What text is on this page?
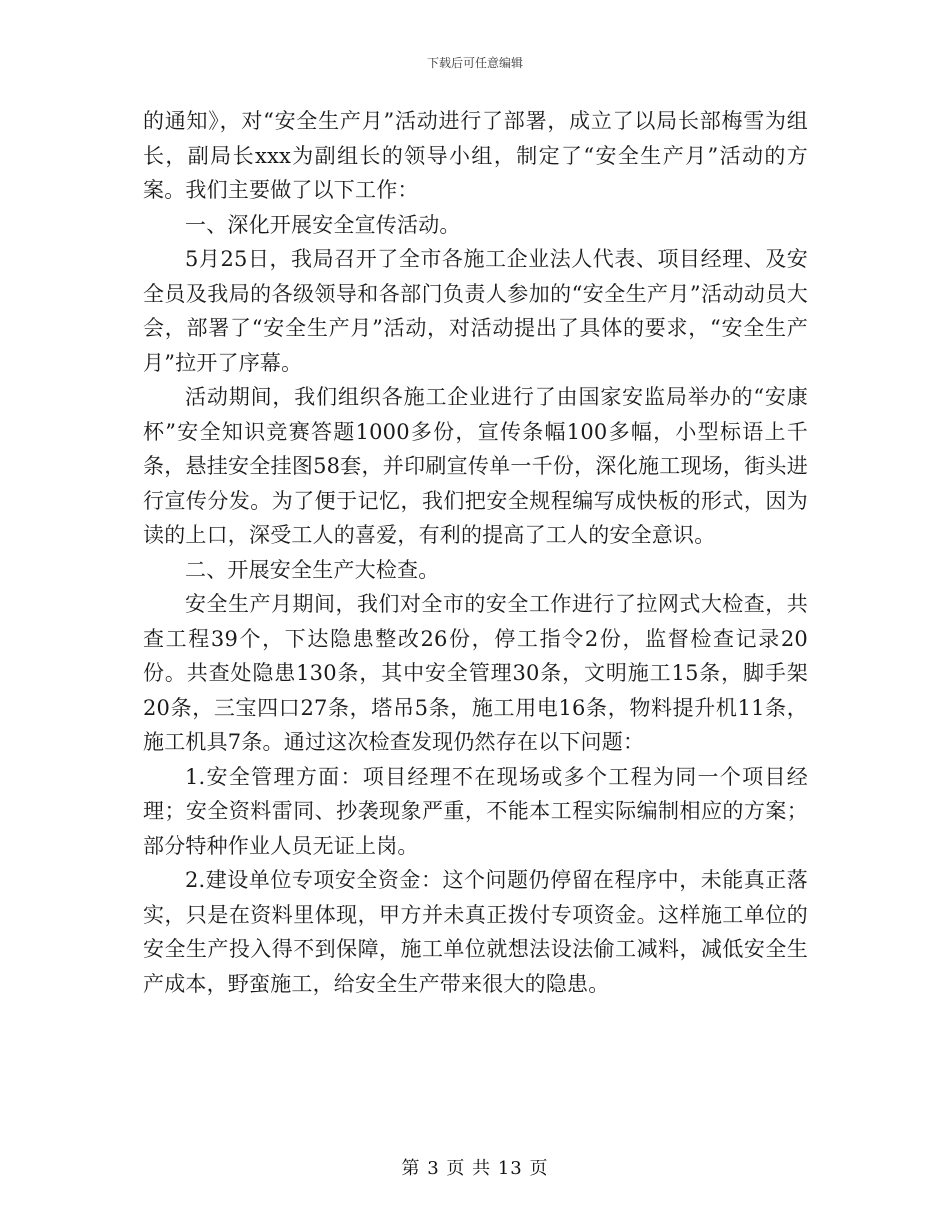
下载后可任意编辑

的通知》，对“安全生产月”活动进行了部署，成立了以局长部梅雪为组长，副局长xxx为副组长的领导小组，制定了“安全生产月”活动的方案。我们主要做了以下工作：

一、深化开展安全宣传活动。

5月25日，我局召开了全市各施工企业法人代表、项目经理、及安全员及我局的各级领导和各部门负责人参加的“安全生产月”活动动员大会，部署了“安全生产月”活动，对活动提出了具体的要求，“安全生产月”拉开了序幕。

活动期间，我们组织各施工企业进行了由国家安监局举办的“安康杯”安全知识竞赛答题1000多份，宣传条幅100多幅，小型标语上千条，悬挂安全挂图58套，并印刷宣传单一千份，深化施工现场，街头进行宣传分发。为了便于记忆，我们把安全规程编写成快板的形式，因为读的上口，深受工人的喜爱，有利的提高了工人的安全意识。

二、开展安全生产大检查。

安全生产月期间，我们对全市的安全工作进行了拉网式大检查，共查工程39个，下达隐患整改26份，停工指令2份，监督检查记录20份。共查处隐患130条，其中安全管理30条，文明施工15条，脚手架20条，三宝四口27条，塔吊5条，施工用电16条，物料提升机11条，施工机具7条。通过这次检查发现仍然存在以下问题：

1.安全管理方面：项目经理不在现场或多个工程为同一个项目经理；安全资料雷同、抄袭现象严重，不能本工程实际编制相应的方案；部分特种作业人员无证上岗。

2.建设单位专项安全资金：这个问题仍停留在程序中，未能真正落实，只是在资料里体现，甲方并未真正拨付专项资金。这样施工单位的安全生产投入得不到保障，施工单位就想法设法偷工减料，减低安全生产成本，野蛮施工，给安全生产带来很大的隐患。

第 3 页 共 13 页
